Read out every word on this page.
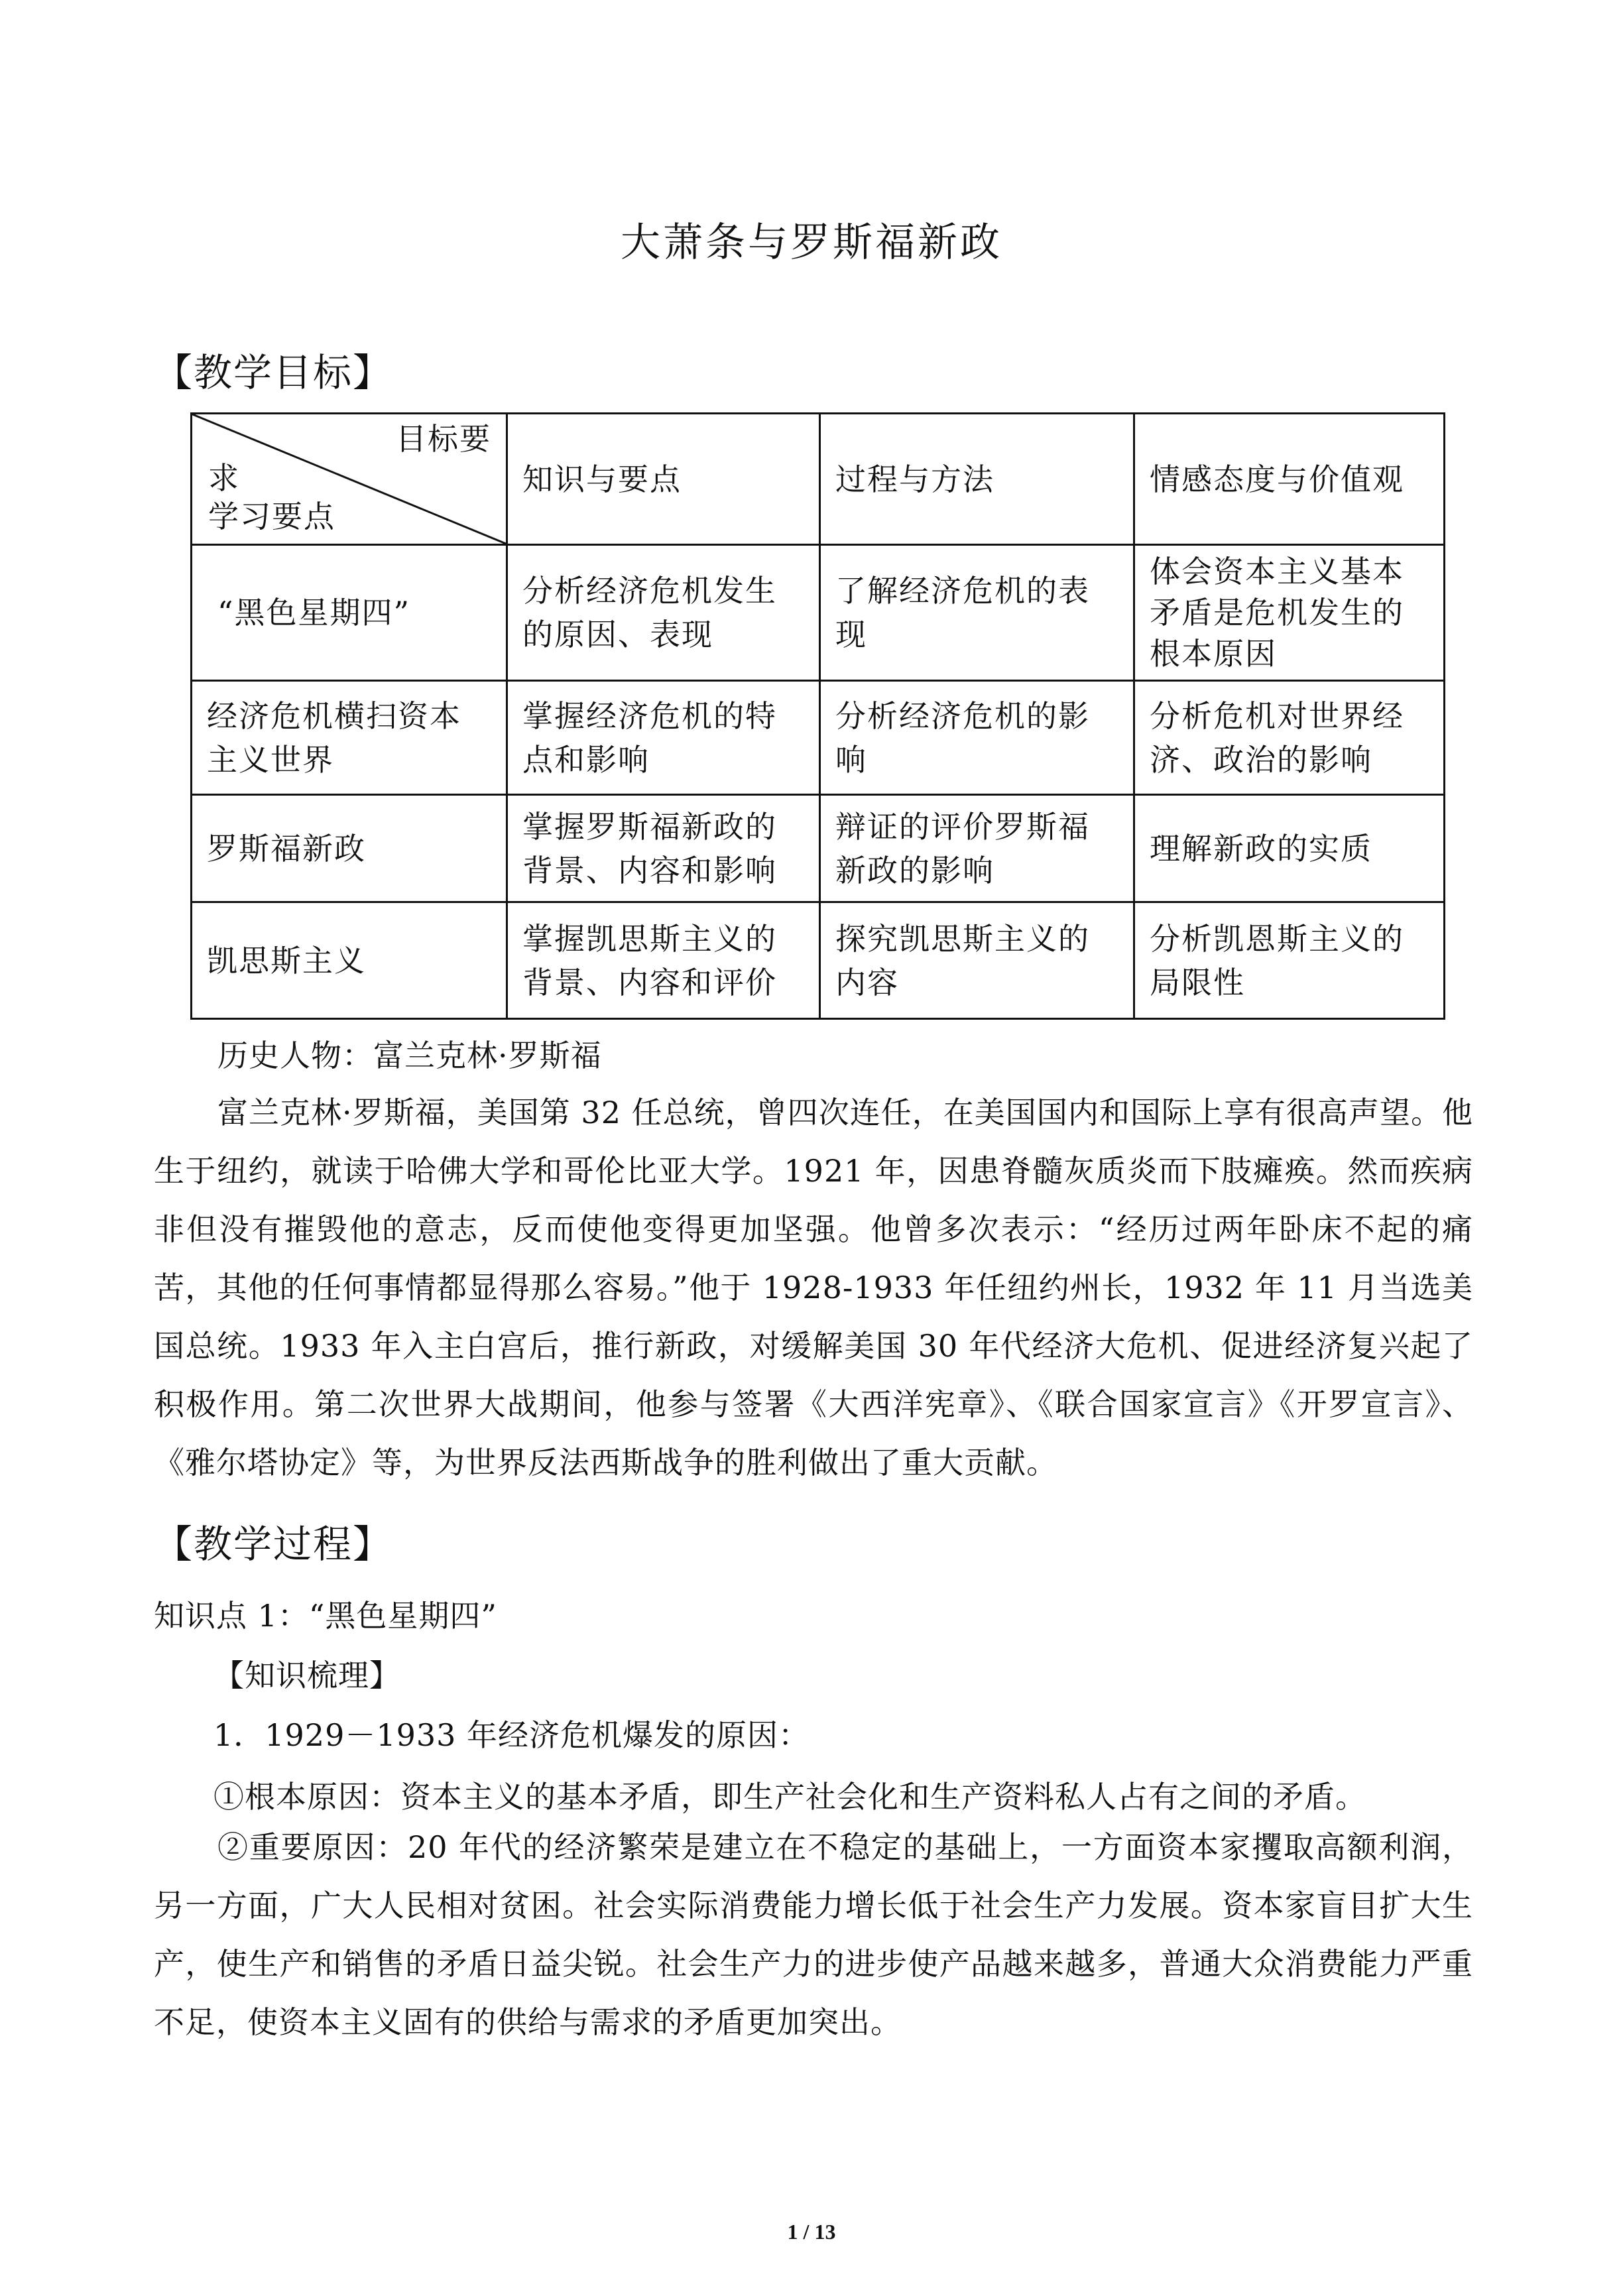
大萧条与罗斯福新政
【教学目标】
目标要
求
学习要点	知识与要点	过程与方法	情感态度与价值观
“黑色星期四”	分析经济危机发生的原因、表现	了解经济危机的表现	体会资本主义基本矛盾是危机发生的根本原因
经济危机横扫资本主义世界	掌握经济危机的特点和影响	分析经济危机的影响	分析危机对世界经济、政治的影响
罗斯福新政	掌握罗斯福新政的背景、内容和影响	辩证的评价罗斯福新政的影响	理解新政的实质
凯思斯主义	掌握凯思斯主义的背景、内容和评价	探究凯思斯主义的内容	分析凯恩斯主义的局限性
历史人物：富兰克林·罗斯福
富兰克林·罗斯福，美国第 32 任总统，曾四次连任，在美国国内和国际上享有很高声望。他生于纽约，就读于哈佛大学和哥伦比亚大学。1921 年，因患脊髓灰质炎而下肢瘫痪。然而疾病非但没有摧毁他的意志，反而使他变得更加坚强。他曾多次表示：“经历过两年卧床不起的痛苦，其他的任何事情都显得那么容易。”他于 1928-1933 年任纽约州长，1932 年 11 月当选美国总统。1933 年入主白宫后，推行新政，对缓解美国 30 年代经济大危机、促进经济复兴起了积极作用。第二次世界大战期间，他参与签署《大西洋宪章》、《联合国家宣言》《开罗宣言》、《雅尔塔协定》等，为世界反法西斯战争的胜利做出了重大贡献。
【教学过程】
知识点 1：“黑色星期四”
【知识梳理】
1．1929－1933 年经济危机爆发的原因：
①根本原因：资本主义的基本矛盾，即生产社会化和生产资料私人占有之间的矛盾。
②重要原因：20 年代的经济繁荣是建立在不稳定的基础上，一方面资本家攫取高额利润，另一方面，广大人民相对贫困。社会实际消费能力增长低于社会生产力发展。资本家盲目扩大生产，使生产和销售的矛盾日益尖锐。社会生产力的进步使产品越来越多，普通大众消费能力严重不足，使资本主义固有的供给与需求的矛盾更加突出。
1 / 13
